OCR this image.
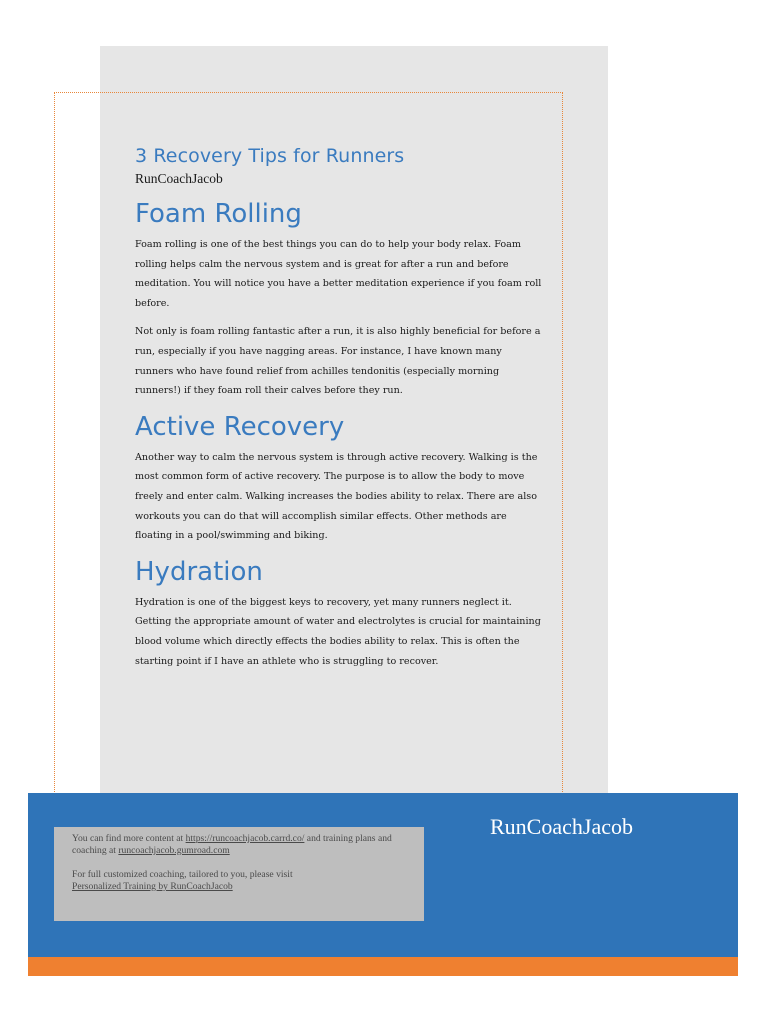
3 Recovery Tips for Runners
RunCoachJacob
Foam Rolling

Foam rolling is one of the best things you can do to help your body relax. Foam rolling helps calm the nervous system and is great for after a run and before meditation. You will notice you have a better meditation experience if you foam roll before.

Not only is foam rolling fantastic after a run, it is also highly beneficial for before a run, especially if you have nagging areas. For instance, I have known many runners who have found relief from achilles tendonitis (especially morning runners!) if they foam roll their calves before they run.

Active Recovery

Another way to calm the nervous system is through active recovery. Walking is the most common form of active recovery. The purpose is to allow the body to move freely and enter calm. Walking increases the bodies ability to relax. There are also workouts you can do that will accomplish similar effects. Other methods are floating in a pool/swimming and biking.

Hydration

Hydration is one of the biggest keys to recovery, yet many runners neglect it. Getting the appropriate amount of water and electrolytes is crucial for maintaining blood volume which directly effects the bodies ability to relax. This is often the starting point if I have an athlete who is struggling to recover.

RunCoachJacob

You can find more content at https://runcoachjacob.carrd.co/ and training plans and coaching at runcoachjacob.gumroad.com

For full customized coaching, tailored to you, please visit
Personalized Training by RunCoachJacob
